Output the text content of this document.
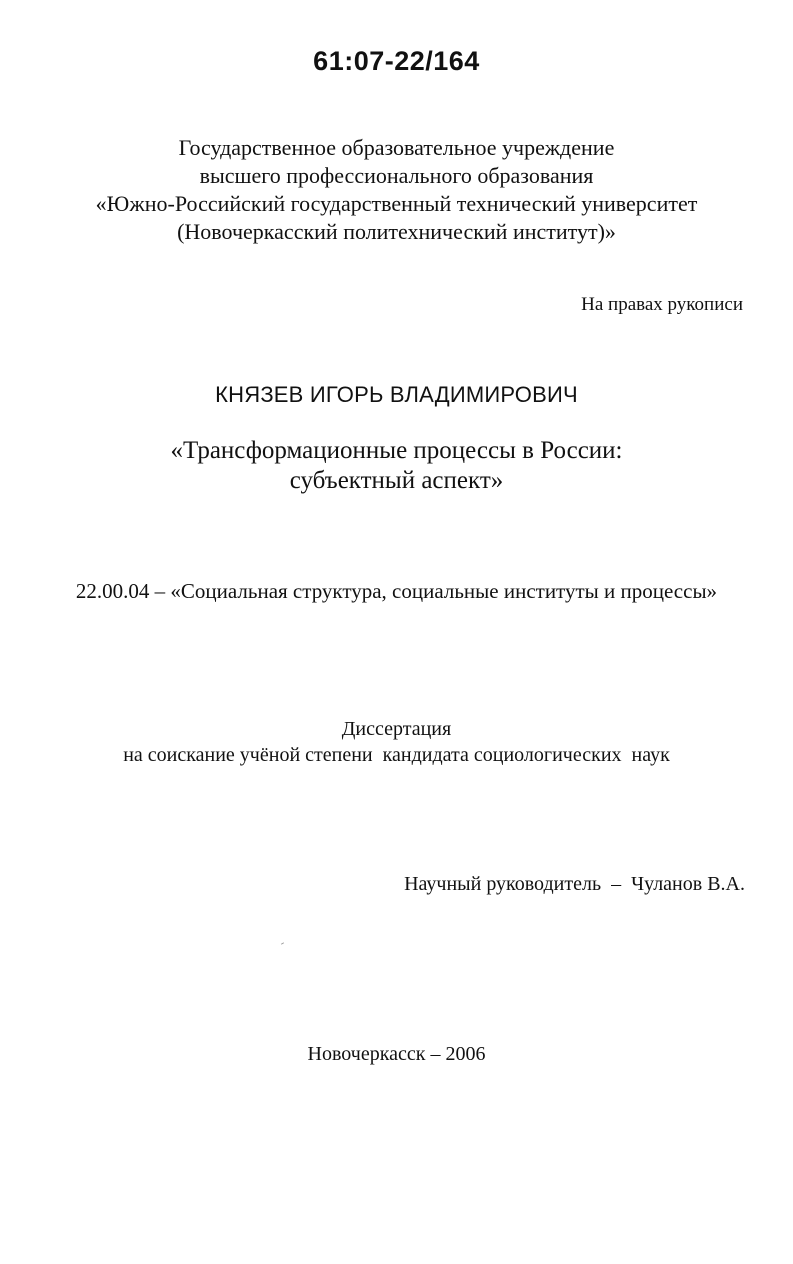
61:07-22/164
Государственное образовательное учреждение
высшего профессионального образования
«Южно-Российский государственный технический университет
(Новочеркасский политехнический институт)»
На правах рукописи
КНЯЗЕВ ИГОРЬ ВЛАДИМИРОВИЧ
«Трансформационные процессы в России:
субъектный аспект»
22.00.04 – «Социальная структура, социальные институты и процессы»
Диссертация
на соискание учёной степени  кандидата социологических  наук
Научный руководитель  –  Чуланов В.А.
Новочеркасск – 2006
